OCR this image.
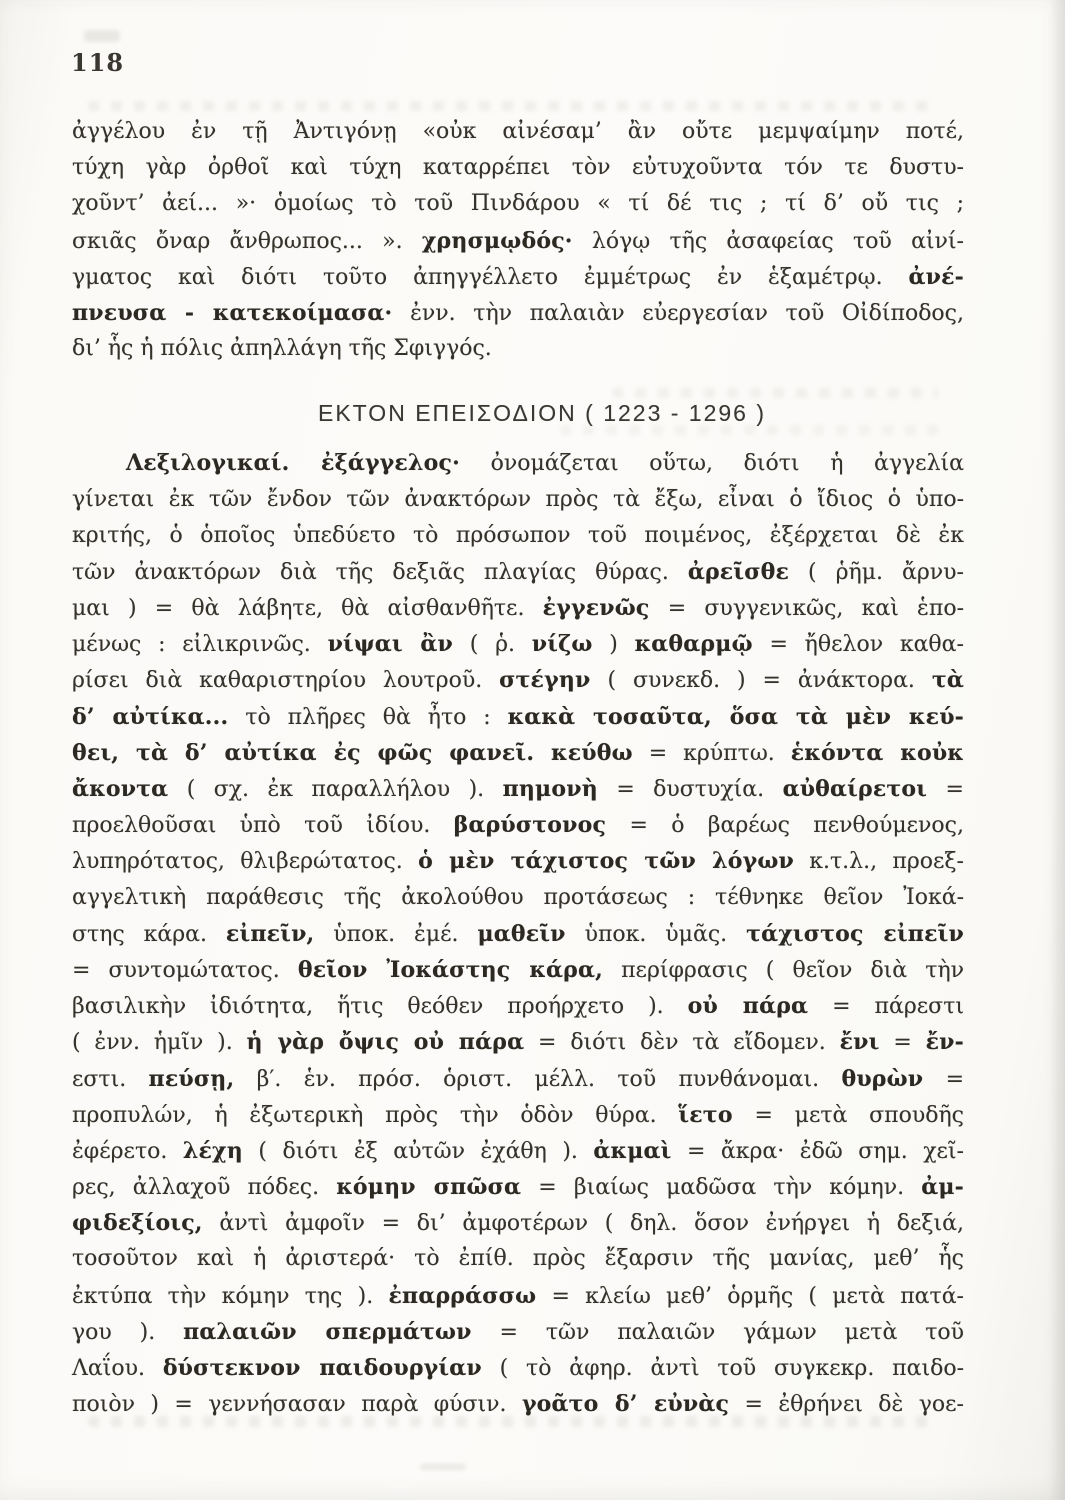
118
ἀγγέλου ἐν τῇ Ἀντιγόνῃ «οὐκ αἰνέσαμ’ ἂν οὔτε μεμψαίμην ποτέ,
τύχη γὰρ ὀρθοῖ καὶ τύχη καταρρέπει τὸν εὐτυχοῦντα τόν τε δυστυ-
χοῦντ’ ἀεί... »· ὁμοίως τὸ τοῦ Πινδάρου « τί δέ τις ; τί δ’ οὔ τις ;
σκιᾶς ὄναρ ἄνθρωπος... ». χρησμῳδός· λόγῳ τῆς ἀσαφείας τοῦ αἰνί-
γματος καὶ διότι τοῦτο ἀπηγγέλλετο ἐμμέτρως ἐν ἑξαμέτρῳ. ἀνέ-
πνευσα - κατεκοίμασα· ἐνν. τὴν παλαιὰν εὐεργεσίαν τοῦ Οἰδίποδος,
δι’ ἧς ἡ πόλις ἀπηλλάγη τῆς Σφιγγός.
ΕΚΤΟΝ ΕΠΕΙΣΟΔΙΟΝ ( 1223 - 1296 )
Λεξιλογικαί. ἐξάγγελος· ὀνομάζεται οὕτω, διότι ἡ ἀγγελία
γίνεται ἐκ τῶν ἔνδον τῶν ἀνακτόρων πρὸς τὰ ἔξω, εἶναι ὁ ἴδιος ὁ ὑπο-
κριτής, ὁ ὁποῖος ὑπεδύετο τὸ πρόσωπον τοῦ ποιμένος, ἐξέρχεται δὲ ἐκ
τῶν ἀνακτόρων διὰ τῆς δεξιᾶς πλαγίας θύρας. ἀρεῖσθε ( ῥῆμ. ἄρνυ-
μαι ) = θὰ λάβητε, θὰ αἰσθανθῆτε. ἐγγενῶς = συγγενικῶς, καὶ ἑπο-
μένως : εἰλικρινῶς. νίψαι ἂν ( ῥ. νίζω ) καθαρμῷ = ἤθελον καθα-
ρίσει διὰ καθαριστηρίου λουτροῦ. στέγην ( συνεκδ. ) = ἀνάκτορα. τὰ
δ’ αὐτίκα... τὸ πλῆρες θὰ ἦτο : κακὰ τοσαῦτα, ὅσα τὰ μὲν κεύ-
θει, τὰ δ’ αὐτίκα ἐς φῶς φανεῖ. κεύθω = κρύπτω. ἑκόντα κοὐκ
ἄκοντα ( σχ. ἐκ παραλλήλου ). πημονὴ = δυστυχία. αὐθαίρετοι =
προελθοῦσαι ὑπὸ τοῦ ἰδίου. βαρύστονος = ὁ βαρέως πενθούμενος,
λυπηρότατος, θλιβερώτατος. ὁ μὲν τάχιστος τῶν λόγων κ.τ.λ., προεξ-
αγγελτικὴ παράθεσις τῆς ἀκολούθου προτάσεως : τέθνηκε θεῖον Ἰοκά-
στης κάρα. εἰπεῖν, ὑποκ. ἐμέ. μαθεῖν ὑποκ. ὑμᾶς. τάχιστος εἰπεῖν
= συντομώτατος. θεῖον Ἰοκάστης κάρα, περίφρασις ( θεῖον διὰ τὴν
βασιλικὴν ἰδιότητα, ἥτις θεόθεν προήρχετο ). οὐ πάρα = πάρεστι
( ἐνν. ἡμῖν ). ἡ γὰρ ὄψις οὐ πάρα = διότι δὲν τὰ εἴδομεν. ἔνι = ἔν-
εστι. πεύσῃ, β′. ἑν. πρόσ. ὁριστ. μέλλ. τοῦ πυνθάνομαι. θυρὼν =
προπυλών, ἡ ἐξωτερικὴ πρὸς τὴν ὁδὸν θύρα. ἵετο = μετὰ σπουδῆς
ἐφέρετο. λέχη ( διότι ἐξ αὐτῶν ἐχάθη ). ἀκμαὶ = ἄκρα· ἐδῶ σημ. χεῖ-
ρες, ἀλλαχοῦ πόδες. κόμην σπῶσα = βιαίως μαδῶσα τὴν κόμην. ἀμ-
φιδεξίοις, ἀντὶ ἀμφοῖν = δι’ ἀμφοτέρων ( δηλ. ὅσον ἐνήργει ἡ δεξιά,
τοσοῦτον καὶ ἡ ἀριστερά· τὸ ἐπίθ. πρὸς ἔξαρσιν τῆς μανίας, μεθ’ ἧς
ἐκτύπα τὴν κόμην της ). ἐπαρράσσω = κλείω μεθ’ ὁρμῆς ( μετὰ πατά-
γου ). παλαιῶν σπερμάτων = τῶν παλαιῶν γάμων μετὰ τοῦ
Λαΐου. δύστεκνον παιδουργίαν ( τὸ ἀφηρ. ἀντὶ τοῦ συγκεκρ. παιδο-
ποιὸν ) = γεννήσασαν παρὰ φύσιν. γοᾶτο δ’ εὐνὰς = ἐθρήνει δὲ γοε-
